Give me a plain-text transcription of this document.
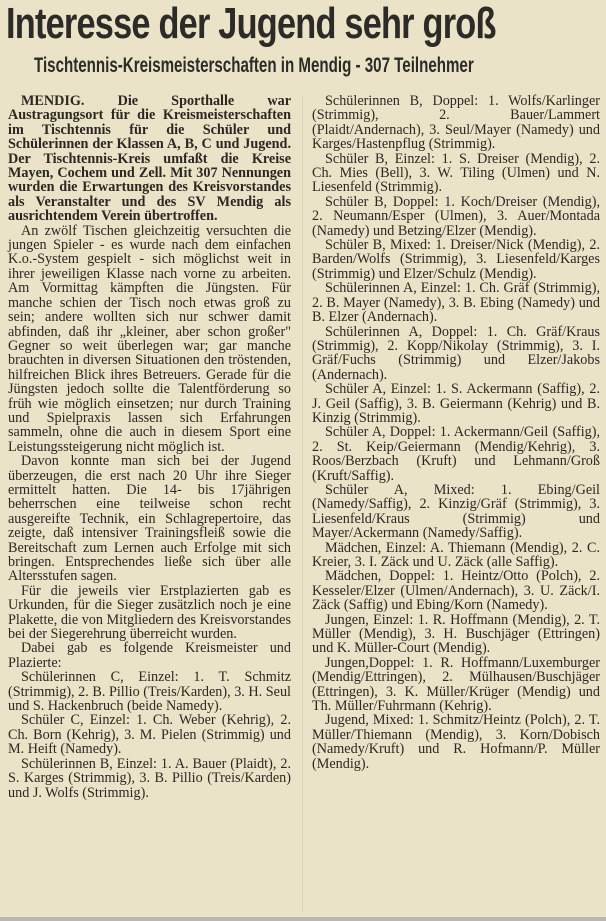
Interesse der Jugend sehr groß
Tischtennis-Kreismeisterschaften in Mendig - 307 Teilnehmer

MENDIG. Die Sporthalle war Austragungsort für die Kreismeisterschaften im Tischtennis für die Schüler und Schülerinnen der Klassen A, B, C und Jugend. Der Tischtennis-Kreis umfaßt die Kreise Mayen, Cochem und Zell. Mit 307 Nennungen wurden die Erwartungen des Kreisvorstandes als Veranstalter und des SV Mendig als ausrichtendem Verein übertroffen.

An zwölf Tischen gleichzeitig versuchten die jungen Spieler - es wurde nach dem einfachen K.o.-System gespielt - sich möglichst weit in ihrer jeweiligen Klasse nach vorne zu arbeiten. Am Vormittag kämpften die Jüngsten. Für manche schien der Tisch noch etwas groß zu sein; andere wollten sich nur schwer damit abfinden, daß ihr „kleiner, aber schon großer" Gegner so weit überlegen war; gar manche brauchten in diversen Situationen den tröstenden, hilfreichen Blick ihres Betreuers. Gerade für die Jüngsten jedoch sollte die Talentförderung so früh wie möglich einsetzen; nur durch Training und Spielpraxis lassen sich Erfahrungen sammeln, ohne die auch in diesem Sport eine Leistungssteigerung nicht möglich ist.

Davon konnte man sich bei der Jugend überzeugen, die erst nach 20 Uhr ihre Sieger ermittelt hatten. Die 14- bis 17jährigen beherrschen eine teilweise schon recht ausgereifte Technik, ein Schlagrepertoire, das zeigte, daß intensiver Trainingsfleiß sowie die Bereitschaft zum Lernen auch Erfolge mit sich bringen. Entsprechendes ließe sich über alle Altersstufen sagen.

Für die jeweils vier Erstplazierten gab es Urkunden, für die Sieger zusätzlich noch je eine Plakette, die von Mitgliedern des Kreisvorstandes bei der Siegerehrung überreicht wurden.

Dabei gab es folgende Kreismeister und Plazierte:

Schülerinnen C, Einzel: 1. T. Schmitz (Strimmig), 2. B. Pillio (Treis/Karden), 3. H. Seul und S. Hackenbruch (beide Namedy).

Schüler C, Einzel: 1. Ch. Weber (Kehrig), 2. Ch. Born (Kehrig), 3. M. Pielen (Strimmig) und M. Heift (Namedy).

Schülerinnen B, Einzel: 1. A. Bauer (Plaidt), 2. S. Karges (Strimmig), 3. B. Pillio (Treis/Karden) und J. Wolfs (Strimmig).

Schülerinnen B, Doppel: 1. Wolfs/Karlinger (Strimmig), 2. Bauer/Lammert (Plaidt/Andernach), 3. Seul/Mayer (Namedy) und Karges/Hastenpflug (Strimmig).

Schüler B, Einzel: 1. S. Dreiser (Mendig), 2. Ch. Mies (Bell), 3. W. Tiling (Ulmen) und N. Liesenfeld (Strimmig).

Schüler B, Doppel: 1. Koch/Dreiser (Mendig), 2. Neumann/Esper (Ulmen), 3. Auer/Montada (Namedy) und Betzing/Elzer (Mendig).

Schüler B, Mixed: 1. Dreiser/Nick (Mendig), 2. Barden/Wolfs (Strimmig), 3. Liesenfeld/Karges (Strimmig) und Elzer/Schulz (Mendig).

Schülerinnen A, Einzel: 1. Ch. Gräf (Strimmig), 2. B. Mayer (Namedy), 3. B. Ebing (Namedy) und B. Elzer (Andernach).

Schülerinnen A, Doppel: 1. Ch. Gräf/Kraus (Strimmig), 2. Kopp/Nikolay (Strimmig), 3. I. Gräf/Fuchs (Strimmig) und Elzer/Jakobs (Andernach).

Schüler A, Einzel: 1. S. Ackermann (Saffig), 2. J. Geil (Saffig), 3. B. Geiermann (Kehrig) und B. Kinzig (Strimmig).

Schüler A, Doppel: 1. Ackermann/Geil (Saffig), 2. St. Keip/Geiermann (Mendig/Kehrig), 3. Roos/Berzbach (Kruft) und Lehmann/Groß (Kruft/Saffig).

Schüler A, Mixed: 1. Ebing/Geil (Namedy/Saffig), 2. Kinzig/Gräf (Strimmig), 3. Liesenfeld/Kraus (Strimmig) und Mayer/Ackermann (Namedy/Saffig).

Mädchen, Einzel: A. Thiemann (Mendig), 2. C. Kreier, 3. I. Zäck und U. Zäck (alle Saffig).

Mädchen, Doppel: 1. Heintz/Otto (Polch), 2. Kesseler/Elzer (Ulmen/Andernach), 3. U. Zäck/I. Zäck (Saffig) und Ebing/Korn (Namedy).

Jungen, Einzel: 1. R. Hoffmann (Mendig), 2. T. Müller (Mendig), 3. H. Buschjäger (Ettringen) und K. Müller-Court (Mendig).

Jungen,Doppel: 1. R. Hoffmann/Luxemburger (Mendig/Ettringen), 2. Mülhausen/Buschjäger (Ettringen), 3. K. Müller/Krüger (Mendig) und Th. Müller/Fuhrmann (Kehrig).

Jugend, Mixed: 1. Schmitz/Heintz (Polch), 2. T. Müller/Thiemann (Mendig), 3. Korn/Dobisch (Namedy/Kruft) und R. Hofmann/P. Müller (Mendig).
